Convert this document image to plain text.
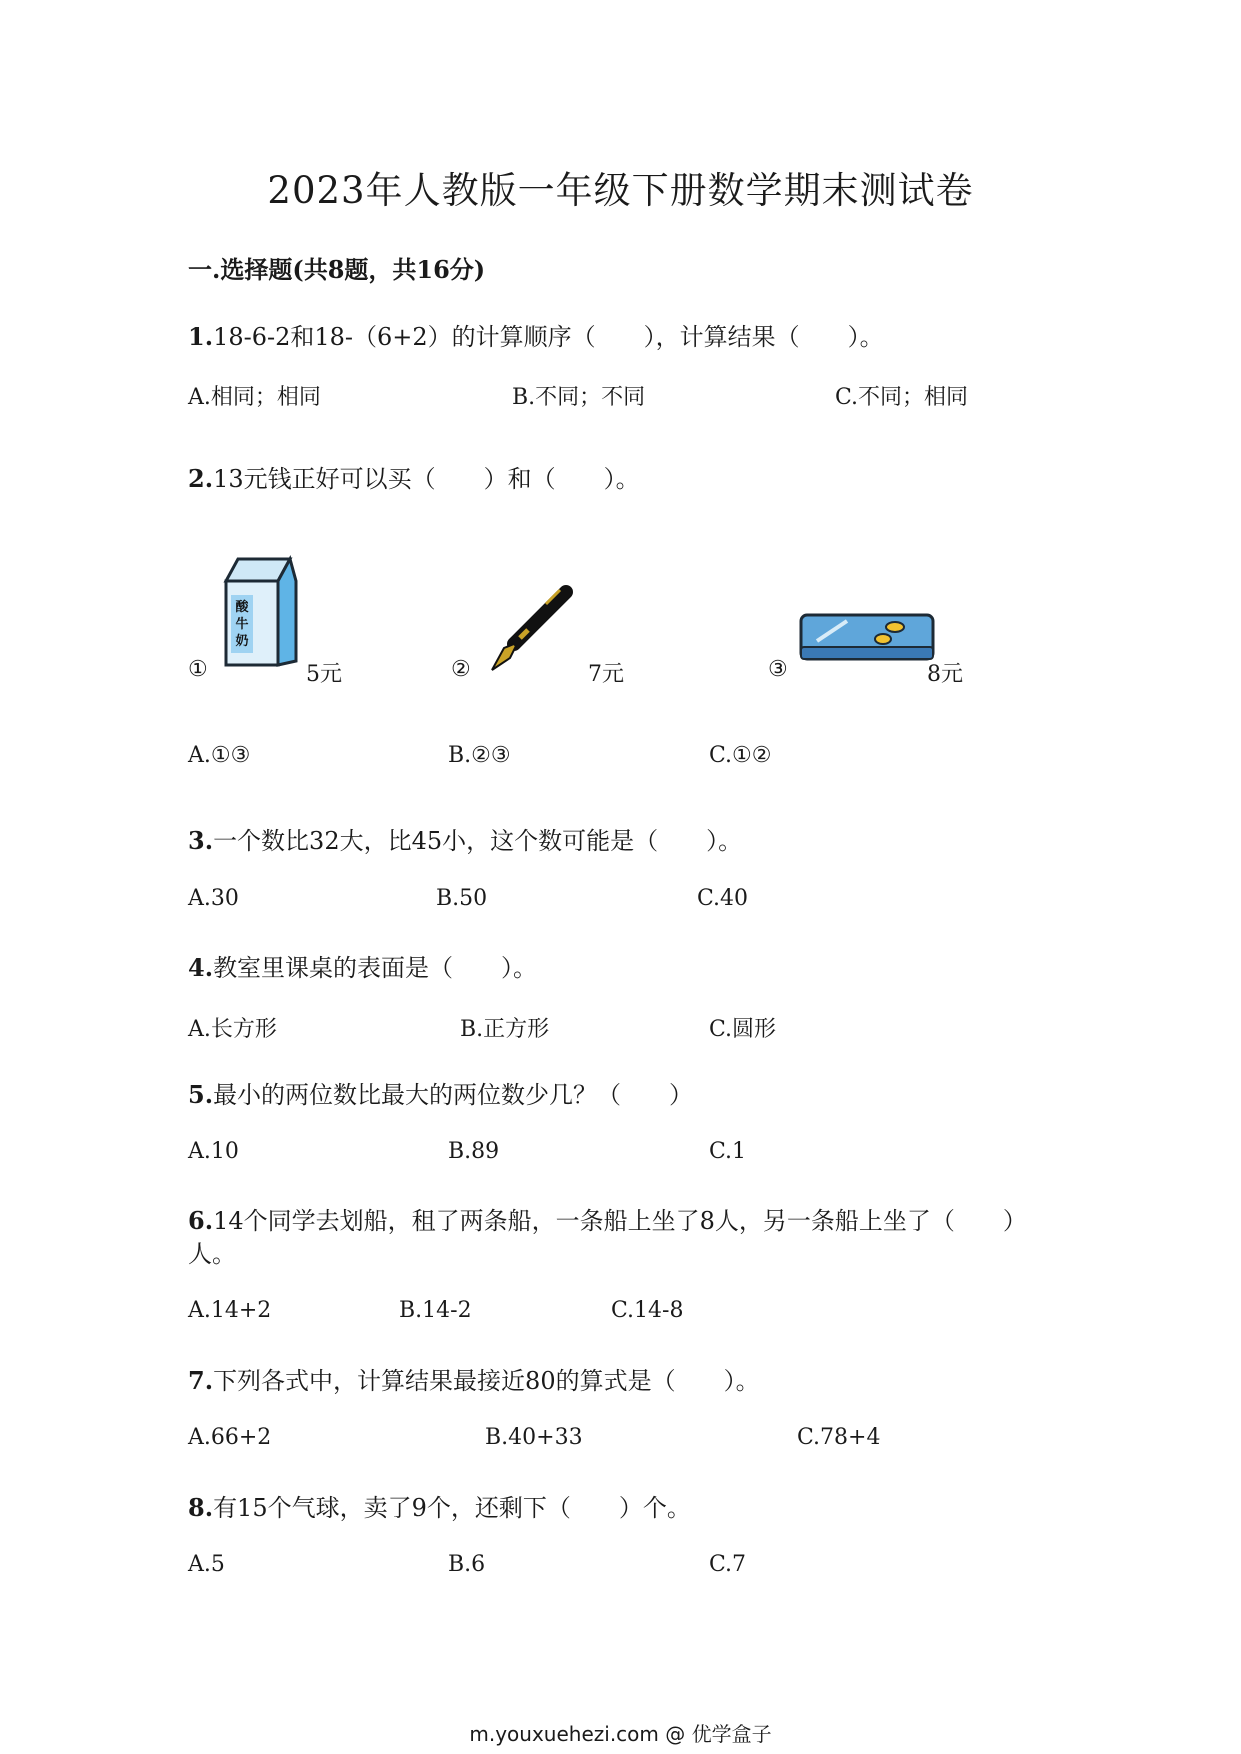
2023年人教版一年级下册数学期末测试卷
一.选择题(共8题，共16分)
1.18-6-2和18-（6+2）的计算顺序（　　），计算结果（　　）。
A.相同；相同	B.不同；不同	C.不同；相同
2.13元钱正好可以买（　　）和（　　）。
①
酸
牛
奶
5元	②	7元	③	8元
A.①③	B.②③	C.①②
3.一个数比32大，比45小，这个数可能是（　　）。
A.30	B.50	C.40
4.教室里课桌的表面是（　　）。
A.长方形	B.正方形	C.圆形
5.最小的两位数比最大的两位数少几？（　　）
A.10	B.89	C.1
6.14个同学去划船，租了两条船，一条船上坐了8人，另一条船上坐了（　　）
人。
A.14+2	B.14-2	C.14-8
7.下列各式中，计算结果最接近80的算式是（　　）。
A.66+2	B.40+33	C.78+4
8.有15个气球，卖了9个，还剩下（　　）个。
A.5	B.6	C.7
m.youxuehezi.com @ 优学盒子
